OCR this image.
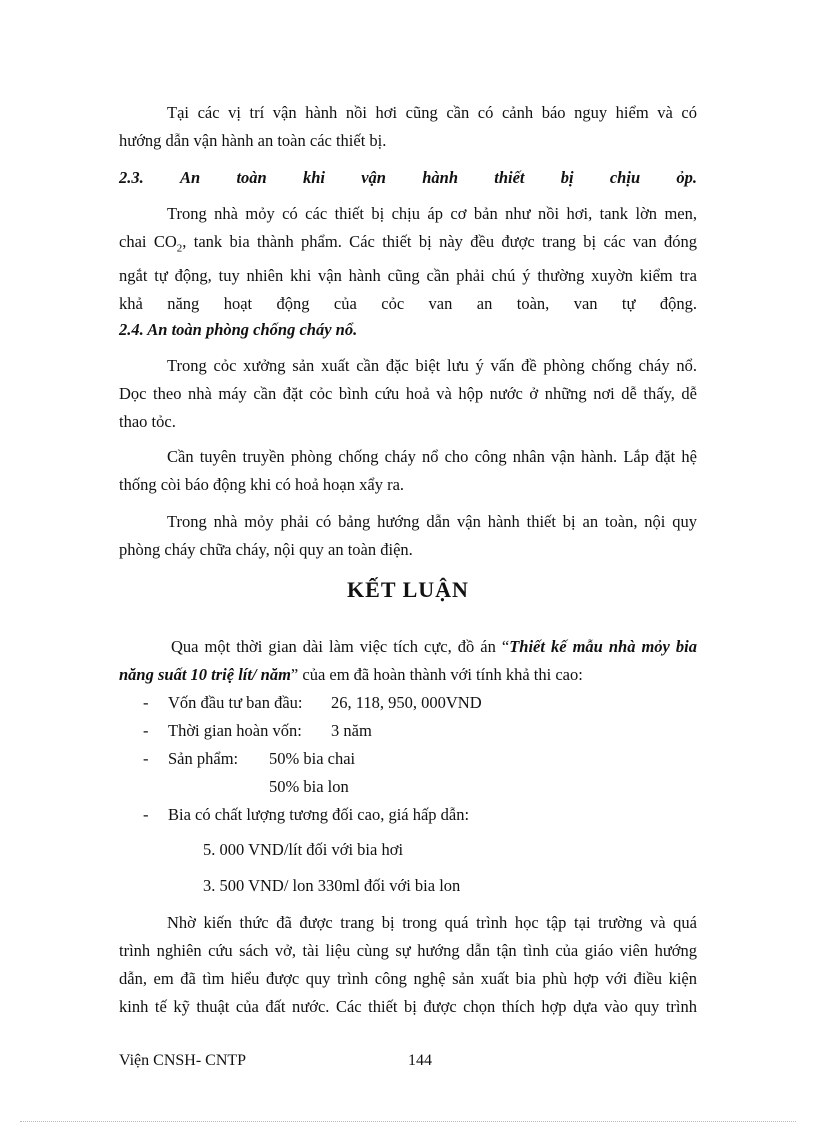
Tại các vị trí vận hành nồi hơi cũng cần có cảnh báo nguy hiểm và có

hướng dẫn vận hành an toàn các thiết bị.

2.3. An toàn khi vận hành thiết bị chịu ỏp.

Trong nhà mỏy có các thiết bị chịu áp cơ bản như nồi hơi, tank lờn men,

chai $CO_2$, tank bia thành phẩm. Các thiết bị này đều được trang bị các van đóng

ngắt tự động, tuy nhiên khi vận hành cũng cần phải chú ý thường xuyờn kiểm tra

khả năng hoạt động của cỏc van an toàn, van tự động.

2.4. An toàn phòng chống cháy nổ.

Trong cỏc xưởng sản xuất cần đặc biệt lưu ý vấn đề phòng chống cháy nổ.

Dọc theo nhà máy cần đặt cỏc bình cứu hoả và hộp nước ở những nơi dễ thấy, dễ

thao tỏc.

Cần tuyên truyền phòng chống cháy nổ cho công nhân vận hành. Lắp đặt hệ

thống còi báo động khi có hoả hoạn xẩy ra.

Trong nhà mỏy phải có bảng hướng dẫn vận hành thiết bị an toàn, nội quy

phòng cháy chữa cháy, nội quy an toàn điện.

KẾT LUẬN

Qua một thời gian dài làm việc tích cực, đồ án “Thiết kế mẫu nhà mỏy bia

năng suất 10 triệ lít/ năm” của em đã hoàn thành với tính khả thi cao:

- Vốn đầu tư ban đầu: 26, 118, 950, 000VND
- Thời gian hoàn vốn: 3 năm
- Sản phẩm: 50% bia chai
50% bia lon
- Bia có chất lượng tương đối cao, giá hấp dẫn:

5. 000 VND/lít đối với bia hơi

3. 500 VND/ lon 330ml đối với bia lon

Nhờ kiến thức đã được trang bị trong quá trình học tập tại trường và quá

trình nghiên cứu sách vở, tài liệu cùng sự hướng dẫn tận tình của giáo viên hướng

dẫn, em đã tìm hiểu được quy trình công nghệ sản xuất bia phù hợp với điều kiện

kinh tế kỹ thuật của đất nước. Các thiết bị được chọn thích hợp dựa vào quy trình

Viện CNSH- CNTP	144
